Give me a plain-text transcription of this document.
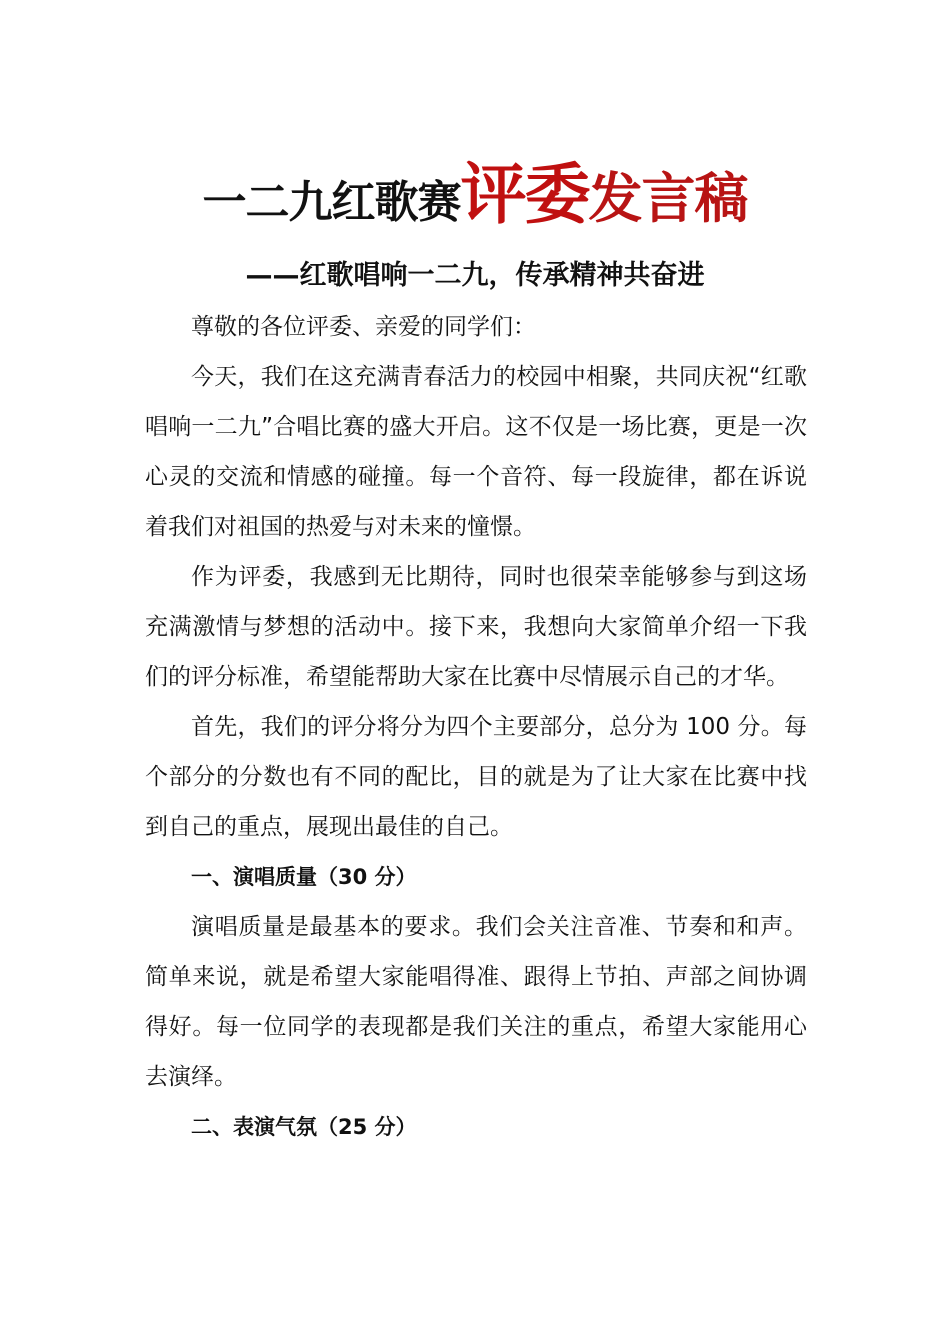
一二九红歌赛评委发言稿
——红歌唱响一二九，传承精神共奋进

尊敬的各位评委、亲爱的同学们：

今天，我们在这充满青春活力的校园中相聚，共同庆祝“红歌唱响一二九”合唱比赛的盛大开启。这不仅是一场比赛，更是一次心灵的交流和情感的碰撞。每一个音符、每一段旋律，都在诉说着我们对祖国的热爱与对未来的憧憬。

作为评委，我感到无比期待，同时也很荣幸能够参与到这场充满激情与梦想的活动中。接下来，我想向大家简单介绍一下我们的评分标准，希望能帮助大家在比赛中尽情展示自己的才华。

首先，我们的评分将分为四个主要部分，总分为 100 分。每个部分的分数也有不同的配比，目的就是为了让大家在比赛中找到自己的重点，展现出最佳的自己。

一、演唱质量（30 分）

演唱质量是最基本的要求。我们会关注音准、节奏和和声。简单来说，就是希望大家能唱得准、跟得上节拍、声部之间协调得好。每一位同学的表现都是我们关注的重点，希望大家能用心去演绎。

二、表演气氛（25 分）
